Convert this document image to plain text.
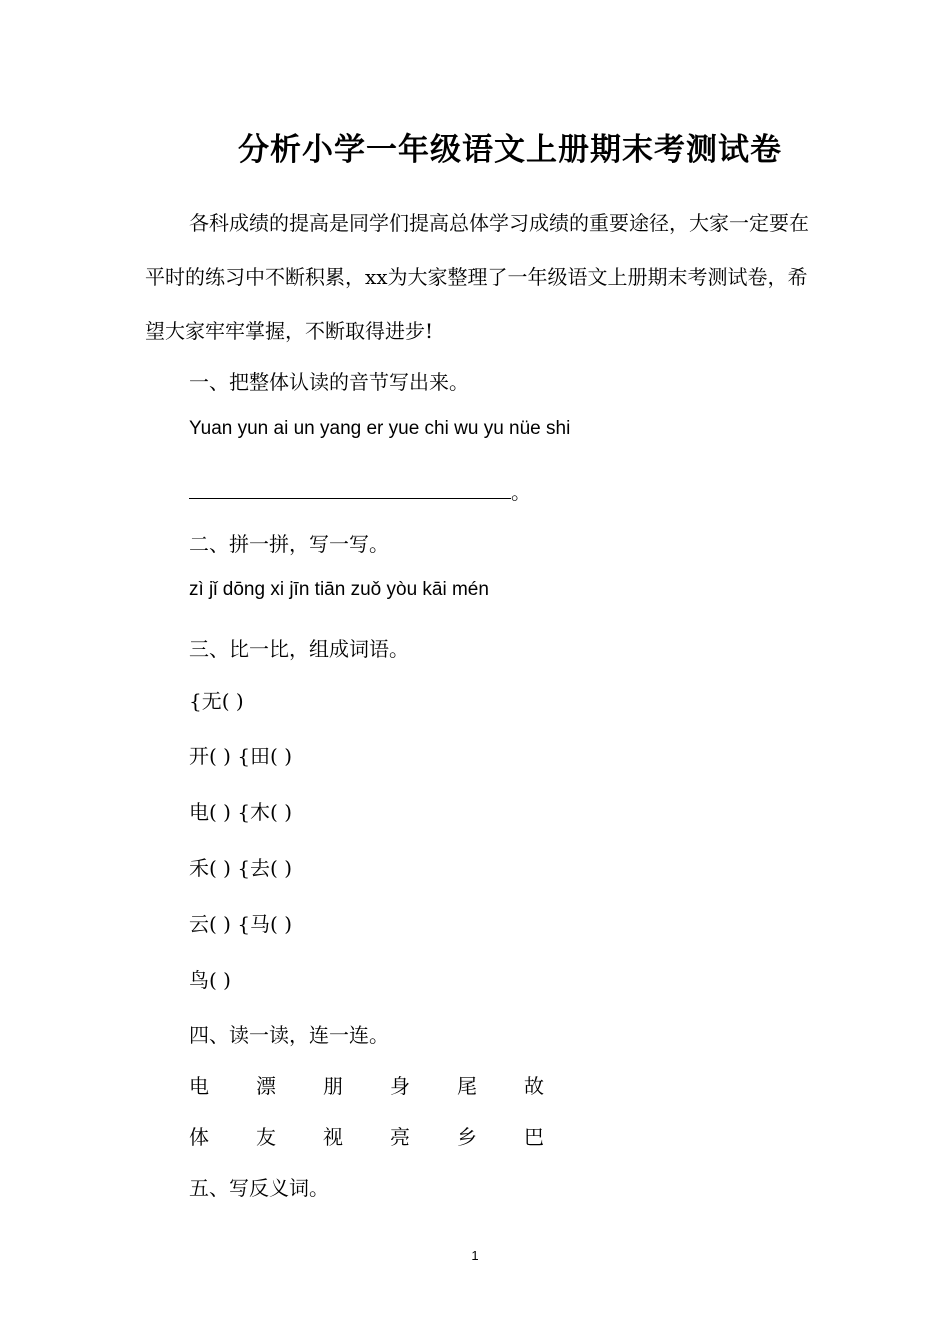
分析小学一年级语文上册期末考测试卷

各科成绩的提高是同学们提高总体学习成绩的重要途径，大家一定要在平时的练习中不断积累，xx为大家整理了一年级语文上册期末考测试卷，希望大家牢牢掌握，不断取得进步!

一、把整体认读的音节写出来。

Yuan yun ai un yang er yue chi wu yu nüe shi

。

二、拼一拼，写一写。

zì jǐ dōng xi jīn tiān zuǒ yòu kāi mén

三、比一比，组成词语。

{无( )

开( ) {田( )

电( ) {木( )

禾( ) {去( )

云( ) {马( )

鸟( )

四、读一读，连一连。

电	漂	朋	身	尾	故
体	友	视	亮	乡	巴

五、写反义词。

1
